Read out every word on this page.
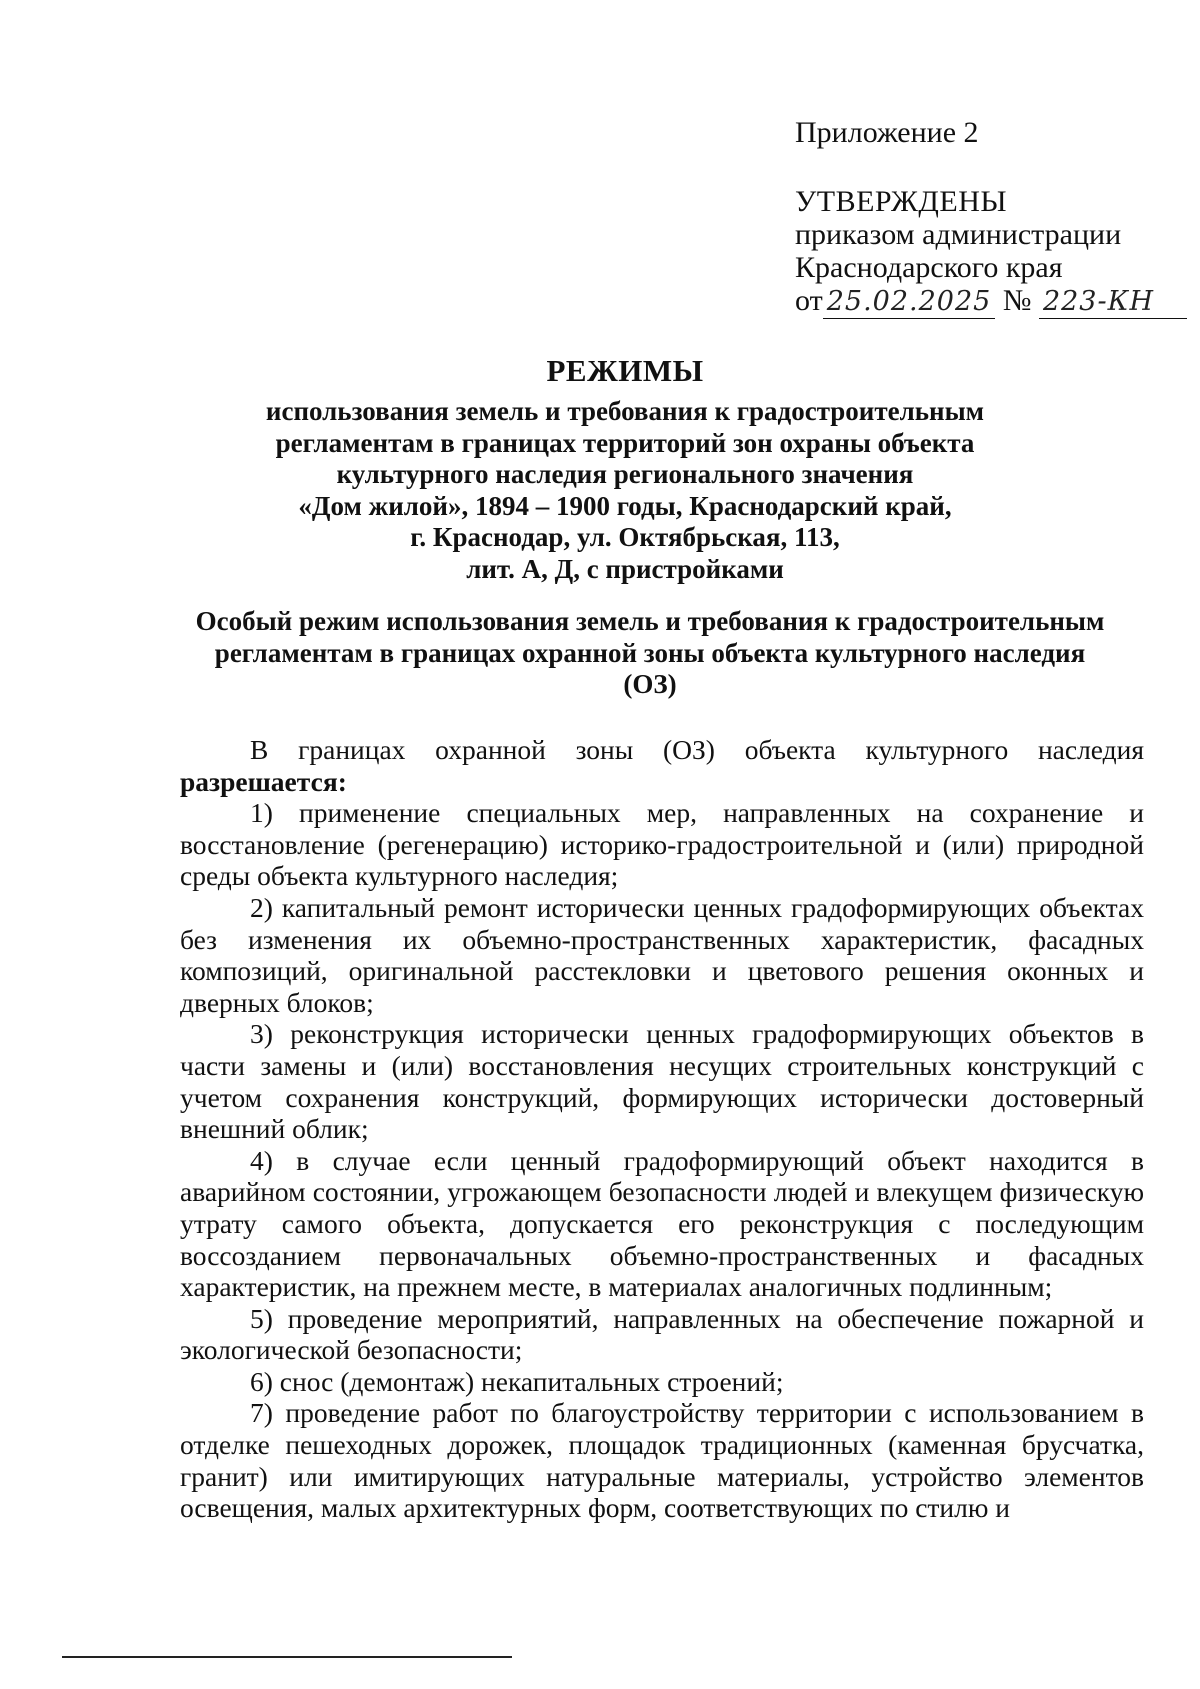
Приложение 2
УТВЕРЖДЕНЫ
приказом администрации
Краснодарского края
от 25.02.2025 № 223-КН
РЕЖИМЫ
использования земель и требования к градостроительным
регламентам в границах территорий зон охраны объекта
культурного наследия регионального значения
«Дом жилой», 1894 – 1900 годы, Краснодарский край,
г. Краснодар, ул. Октябрьская, 113,
лит. А, Д, с пристройками
Особый режим использования земель и требования к градостроительным
регламентам в границах охранной зоны объекта культурного наследия
(ОЗ)

В границах охранной зоны (ОЗ) объекта культурного наследия разрешается:

1) применение специальных мер, направленных на сохранение и восстановление (регенерацию) историко-градостроительной и (или) природной среды объекта культурного наследия;

2) капитальный ремонт исторически ценных градоформирующих объектах без изменения их объемно-пространственных характеристик, фасадных композиций, оригинальной расстекловки и цветового решения оконных и дверных блоков;

3) реконструкция исторически ценных градоформирующих объектов в части замены и (или) восстановления несущих строительных конструкций с учетом сохранения конструкций, формирующих исторически достоверный внешний облик;

4) в случае если ценный градоформирующий объект находится в аварийном состоянии, угрожающем безопасности людей и влекущем физическую утрату самого объекта, допускается его реконструкция с последующим воссозданием первоначальных объемно-пространственных и фасадных характеристик, на прежнем месте, в материалах аналогичных подлинным;

5) проведение мероприятий, направленных на обеспечение пожарной и экологической безопасности;

6) снос (демонтаж) некапитальных строений;

7) проведение работ по благоустройству территории с использованием в отделке пешеходных дорожек, площадок традиционных (каменная брусчатка, гранит) или имитирующих натуральные материалы, устройство элементов освещения, малых архитектурных форм, соответствующих по стилю и
